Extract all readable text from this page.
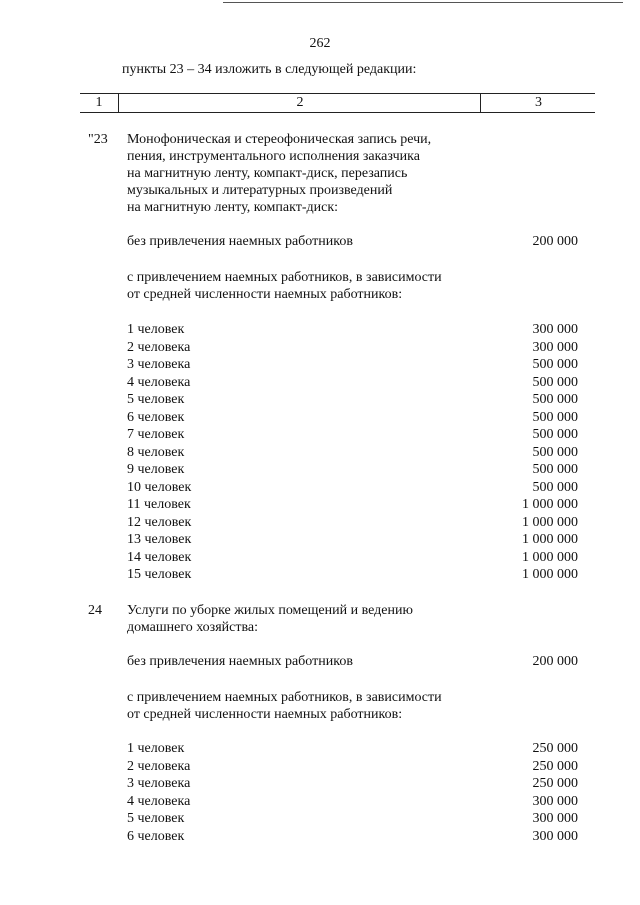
262
пункты 23 – 34 изложить в следующей редакции:
1	2	3
"23 Монофоническая и стереофоническая запись речи,
пения, инструментального исполнения заказчика
на магнитную ленту, компакт-диск, перезапись
музыкальных и литературных произведений
на магнитную ленту, компакт-диск:
без привлечения наемных работников	200 000
с привлечением наемных работников, в зависимости
от средней численности наемных работников:
1 человек	300 000
2 человека	300 000
3 человека	500 000
4 человека	500 000
5 человек	500 000
6 человек	500 000
7 человек	500 000
8 человек	500 000
9 человек	500 000
10 человек	500 000
11 человек	1 000 000
12 человек	1 000 000
13 человек	1 000 000
14 человек	1 000 000
15 человек	1 000 000
24 Услуги по уборке жилых помещений и ведению
домашнего хозяйства:
без привлечения наемных работников	200 000
с привлечением наемных работников, в зависимости
от средней численности наемных работников:
1 человек	250 000
2 человека	250 000
3 человека	250 000
4 человека	300 000
5 человек	300 000
6 человек	300 000
